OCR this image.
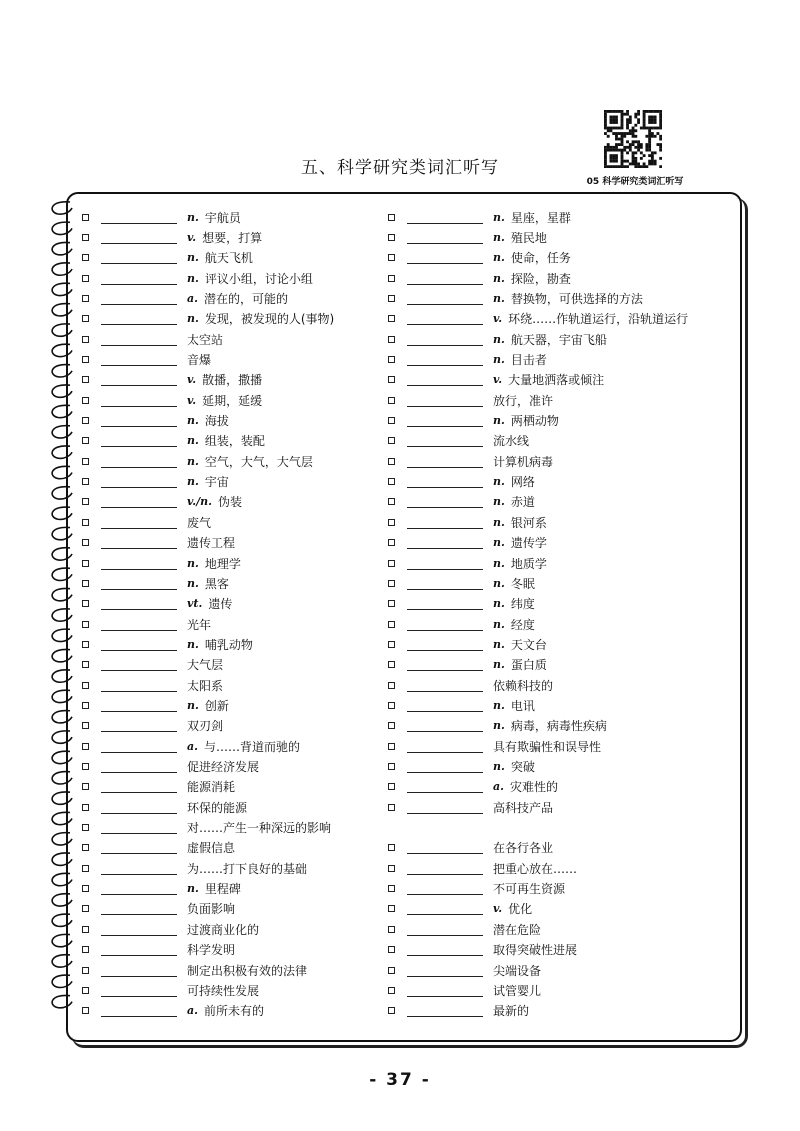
五、科学研究类词汇听写
05 科学研究类词汇听写
n. 宇航员	n. 星座，星群
v. 想要，打算	n. 殖民地
n. 航天飞机	n. 使命，任务
n. 评议小组，讨论小组	n. 探险，勘查
a. 潜在的，可能的	n. 替换物，可供选择的方法
n. 发现，被发现的人(事物)	v. 环绕……作轨道运行，沿轨道运行
太空站	n. 航天器，宇宙飞船
音爆	n. 目击者
v. 散播，撒播	v. 大量地洒落或倾注
v. 延期，延缓	放行，准许
n. 海拔	n. 两栖动物
n. 组装，装配	流水线
n. 空气，大气，大气层	计算机病毒
n. 宇宙	n. 网络
v./n. 伪装	n. 赤道
废气	n. 银河系
遗传工程	n. 遗传学
n. 地理学	n. 地质学
n. 黑客	n. 冬眠
vt. 遗传	n. 纬度
光年	n. 经度
n. 哺乳动物	n. 天文台
大气层	n. 蛋白质
太阳系	依赖科技的
n. 创新	n. 电讯
双刃剑	n. 病毒，病毒性疾病
a. 与……背道而驰的	具有欺骗性和误导性
促进经济发展	n. 突破
能源消耗	a. 灾难性的
环保的能源	高科技产品
对……产生一种深远的影响
虚假信息	在各行各业
为……打下良好的基础	把重心放在……
n. 里程碑	不可再生资源
负面影响	v. 优化
过渡商业化的	潜在危险
科学发明	取得突破性进展
制定出积极有效的法律	尖端设备
可持续性发展	试管婴儿
a. 前所未有的	最新的
- 37 -
